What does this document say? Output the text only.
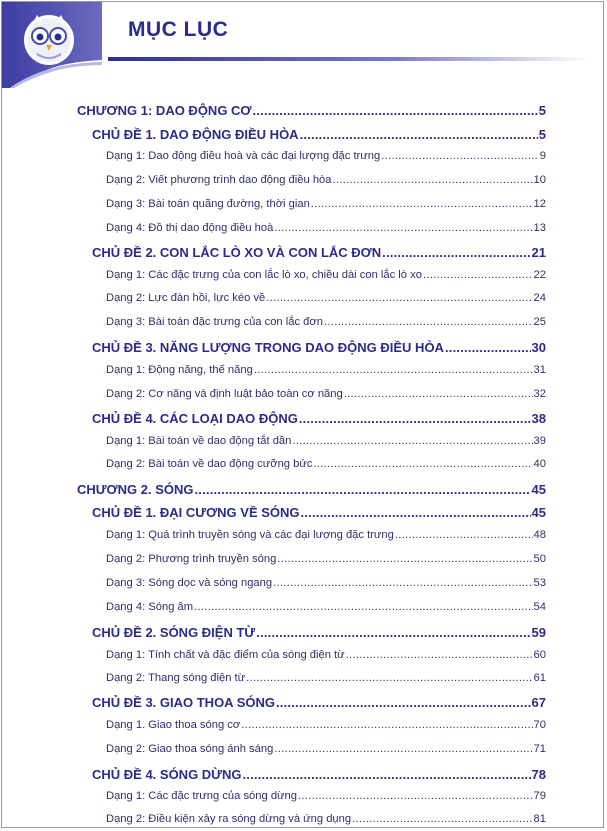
MỤC LỤC
CHƯƠNG 1: DAO ĐỘNG CƠ .....	5
CHỦ ĐỀ 1. DAO ĐỘNG ĐIỀU HÒA .....	5
Dạng 1: Dao động điều hoà và các đại lượng đặc trưng .....	9
Dạng 2: Viết phương trình dao động điều hòa .....	10
Dạng 3: Bài toán quãng đường, thời gian .....	12
Dạng 4: Đồ thị dao động điều hoà .....	13
CHỦ ĐỀ 2. CON LẮC LÒ XO VÀ CON LẮC ĐƠN .....	21
Dạng 1: Các đặc trưng của con lắc lò xo, chiều dài con lắc lò xo .....	22
Dạng 2: Lực đàn hồi, lực kéo về .....	24
Dạng 3: Bài toán đặc trưng của con lắc đơn .....	25
CHỦ ĐỀ 3. NĂNG LƯỢNG TRONG DAO ĐỘNG ĐIỀU HÒA .....	30
Dạng 1: Động năng, thế năng .....	31
Dạng 2: Cơ năng và định luật bảo toàn cơ năng .....	32
CHỦ ĐỀ 4. CÁC LOẠI DAO ĐỘNG .....	38
Dạng 1: Bài toán về dao động tắt dần .....	39
Dạng 2: Bài toán về dao động cưỡng bức .....	40
CHƯƠNG 2. SÓNG .....	45
CHỦ ĐỀ 1. ĐẠI CƯƠNG VỀ SÓNG .....	45
Dạng 1: Quá trình truyền sóng và các đại lượng đặc trưng .....	48
Dạng 2: Phương trình truyền sóng .....	50
Dạng 3: Sóng dọc và sóng ngang .....	53
Dạng 4: Sóng âm .....	54
CHỦ ĐỀ 2. SÓNG ĐIỆN TỪ .....	59
Dạng 1: Tính chất và đặc điểm của sóng điện từ .....	60
Dạng 2: Thang sóng điện từ .....	61
CHỦ ĐỀ 3. GIAO THOA SÓNG .....	67
Dạng 1. Giao thoa sóng cơ .....	70
Dạng 2: Giao thoa sóng ánh sáng .....	71
CHỦ ĐỀ 4. SÓNG DỪNG .....	78
Dạng 1: Các đặc trưng của sóng dừng .....	79
Dạng 2: Điều kiện xảy ra sóng dừng và ứng dụng .....	81
